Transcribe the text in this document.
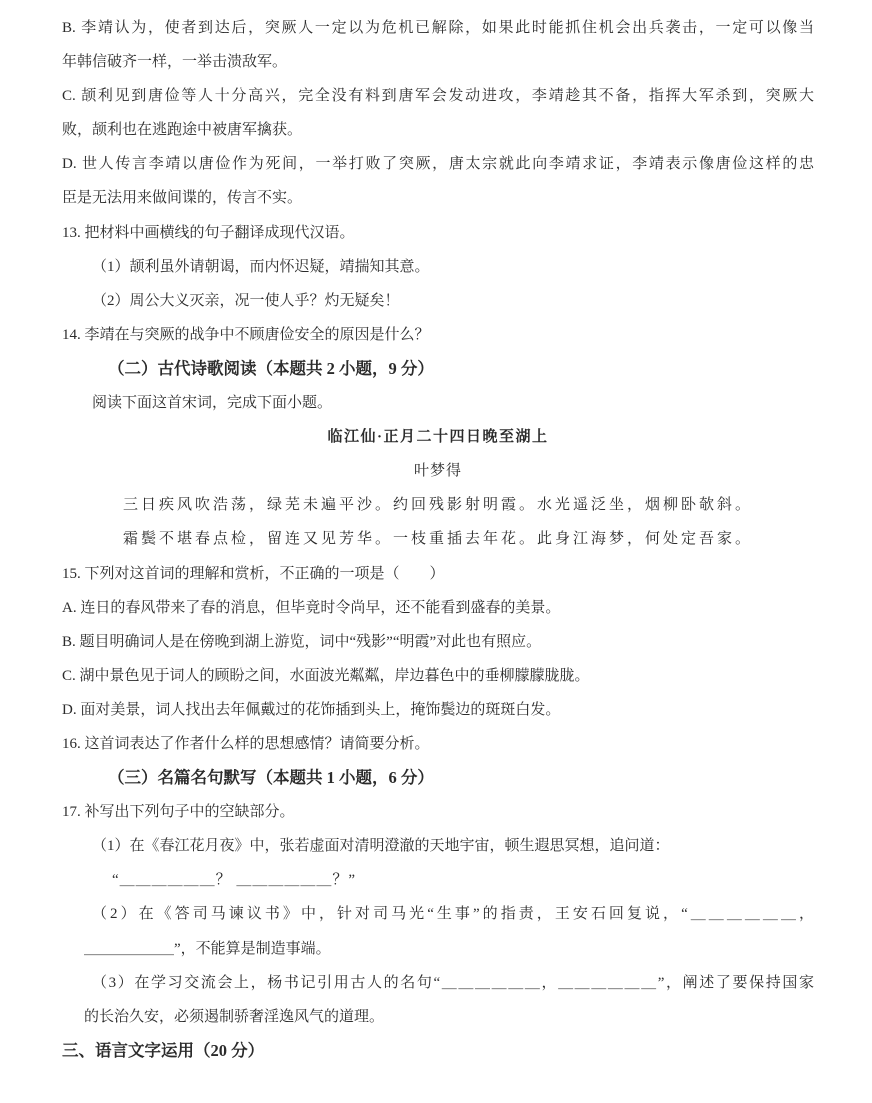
B. 李靖认为，使者到达后，突厥人一定以为危机已解除，如果此时能抓住机会出兵袭击，一定可以像当

年韩信破齐一样，一举击溃敌军。

C. 颉利见到唐俭等人十分高兴，完全没有料到唐军会发动进攻，李靖趁其不备，指挥大军杀到，突厥大

败，颉利也在逃跑途中被唐军擒获。

D. 世人传言李靖以唐俭作为死间，一举打败了突厥，唐太宗就此向李靖求证，李靖表示像唐俭这样的忠

臣是无法用来做间谍的，传言不实。

13. 把材料中画横线的句子翻译成现代汉语。

（1）颉利虽外请朝谒，而内怀迟疑，靖揣知其意。

（2）周公大义灭亲，况一使人乎？灼无疑矣！

14. 李靖在与突厥的战争中不顾唐俭安全的原因是什么？

（二）古代诗歌阅读（本题共 2 小题，9 分）

阅读下面这首宋词，完成下面小题。

临江仙·正月二十四日晚至湖上

叶梦得

三日疾风吹浩荡，绿芜未遍平沙。约回残影射明霞。水光遥泛坐，烟柳卧欹斜。

霜鬓不堪春点检，留连又见芳华。一枝重插去年花。此身江海梦，何处定吾家。

15. 下列对这首词的理解和赏析，不正确的一项是（　　）

A. 连日的春风带来了春的消息，但毕竟时令尚早，还不能看到盛春的美景。

B. 题目明确词人是在傍晚到湖上游览，词中“残影”“明霞”对此也有照应。

C. 湖中景色见于词人的顾盼之间，水面波光粼粼，岸边暮色中的垂柳朦朦胧胧。

D. 面对美景，词人找出去年佩戴过的花饰插到头上，掩饰鬓边的斑斑白发。

16. 这首词表达了作者什么样的思想感情？请简要分析。

（三）名篇名句默写（本题共 1 小题，6 分）

17. 补写出下列句子中的空缺部分。

（1）在《春江花月夜》中，张若虚面对清明澄澈的天地宇宙，顿生遐思冥想，追问道：

“＿＿＿＿＿＿？ ＿＿＿＿＿＿？”

（2）在《答司马谏议书》中，针对司马光“生事”的指责，王安石回复说，“＿＿＿＿＿＿，

＿＿＿＿＿＿”，不能算是制造事端。

（3）在学习交流会上，杨书记引用古人的名句“＿＿＿＿＿＿，＿＿＿＿＿＿”，阐述了要保持国家

的长治久安，必须遏制骄奢淫逸风气的道理。

三、语言文字运用（20 分）
